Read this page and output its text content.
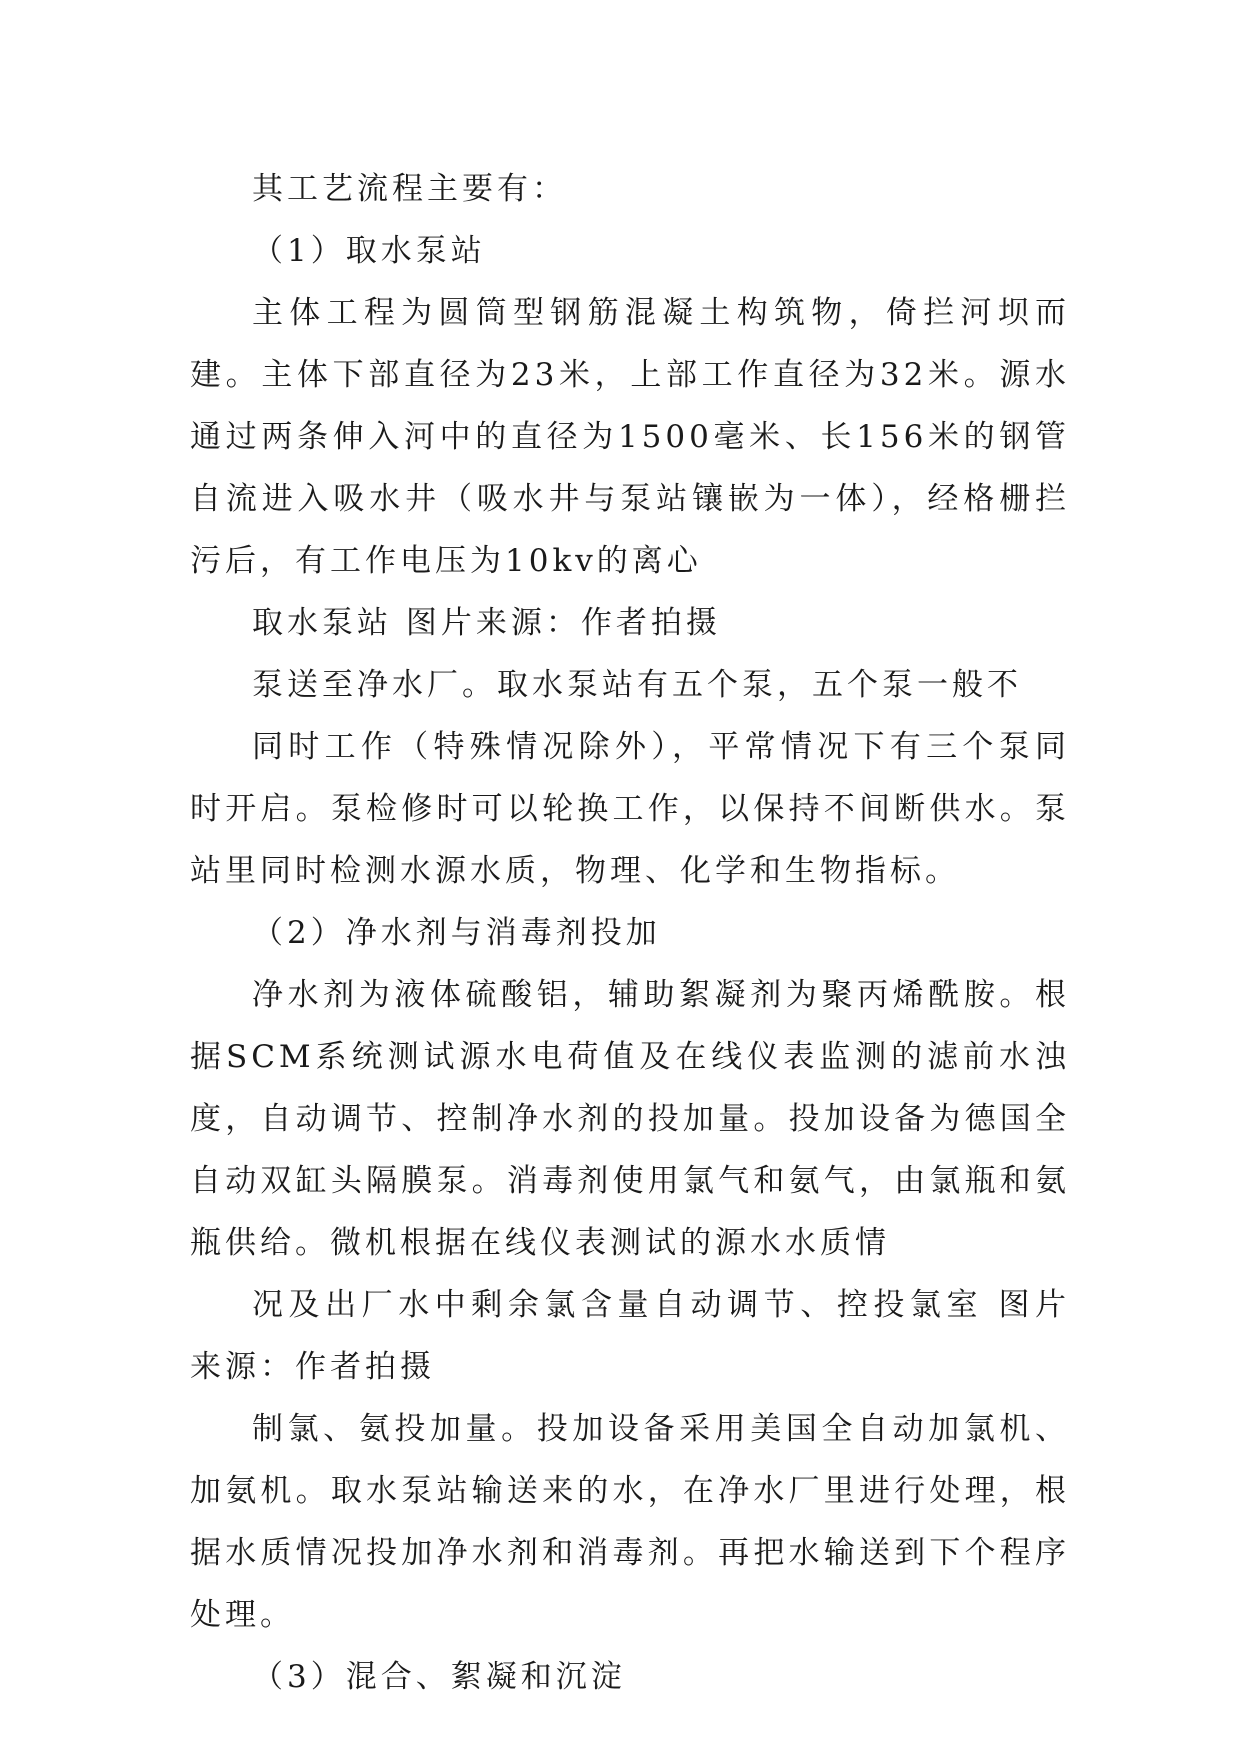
其工艺流程主要有：

（1）取水泵站

主体工程为圆筒型钢筋混凝土构筑物，倚拦河坝而建。主体下部直径为23米，上部工作直径为32米。源水通过两条伸入河中的直径为1500毫米、长156米的钢管自流进入吸水井（吸水井与泵站镶嵌为一体），经格栅拦污后，有工作电压为10kv的离心

取水泵站 图片来源：作者拍摄

泵送至净水厂。取水泵站有五个泵，五个泵一般不

同时工作（特殊情况除外），平常情况下有三个泵同时开启。泵检修时可以轮换工作，以保持不间断供水。泵站里同时检测水源水质，物理、化学和生物指标。

（2）净水剂与消毒剂投加

净水剂为液体硫酸铝，辅助絮凝剂为聚丙烯酰胺。根据SCM系统测试源水电荷值及在线仪表监测的滤前水浊度，自动调节、控制净水剂的投加量。投加设备为德国全自动双缸头隔膜泵。消毒剂使用氯气和氨气，由氯瓶和氨瓶供给。微机根据在线仪表测试的源水水质情

况及出厂水中剩余氯含量自动调节、控投氯室 图片来源：作者拍摄

制氯、氨投加量。投加设备采用美国全自动加氯机、加氨机。取水泵站输送来的水，在净水厂里进行处理，根据水质情况投加净水剂和消毒剂。再把水输送到下个程序处理。

（3）混合、絮凝和沉淀
